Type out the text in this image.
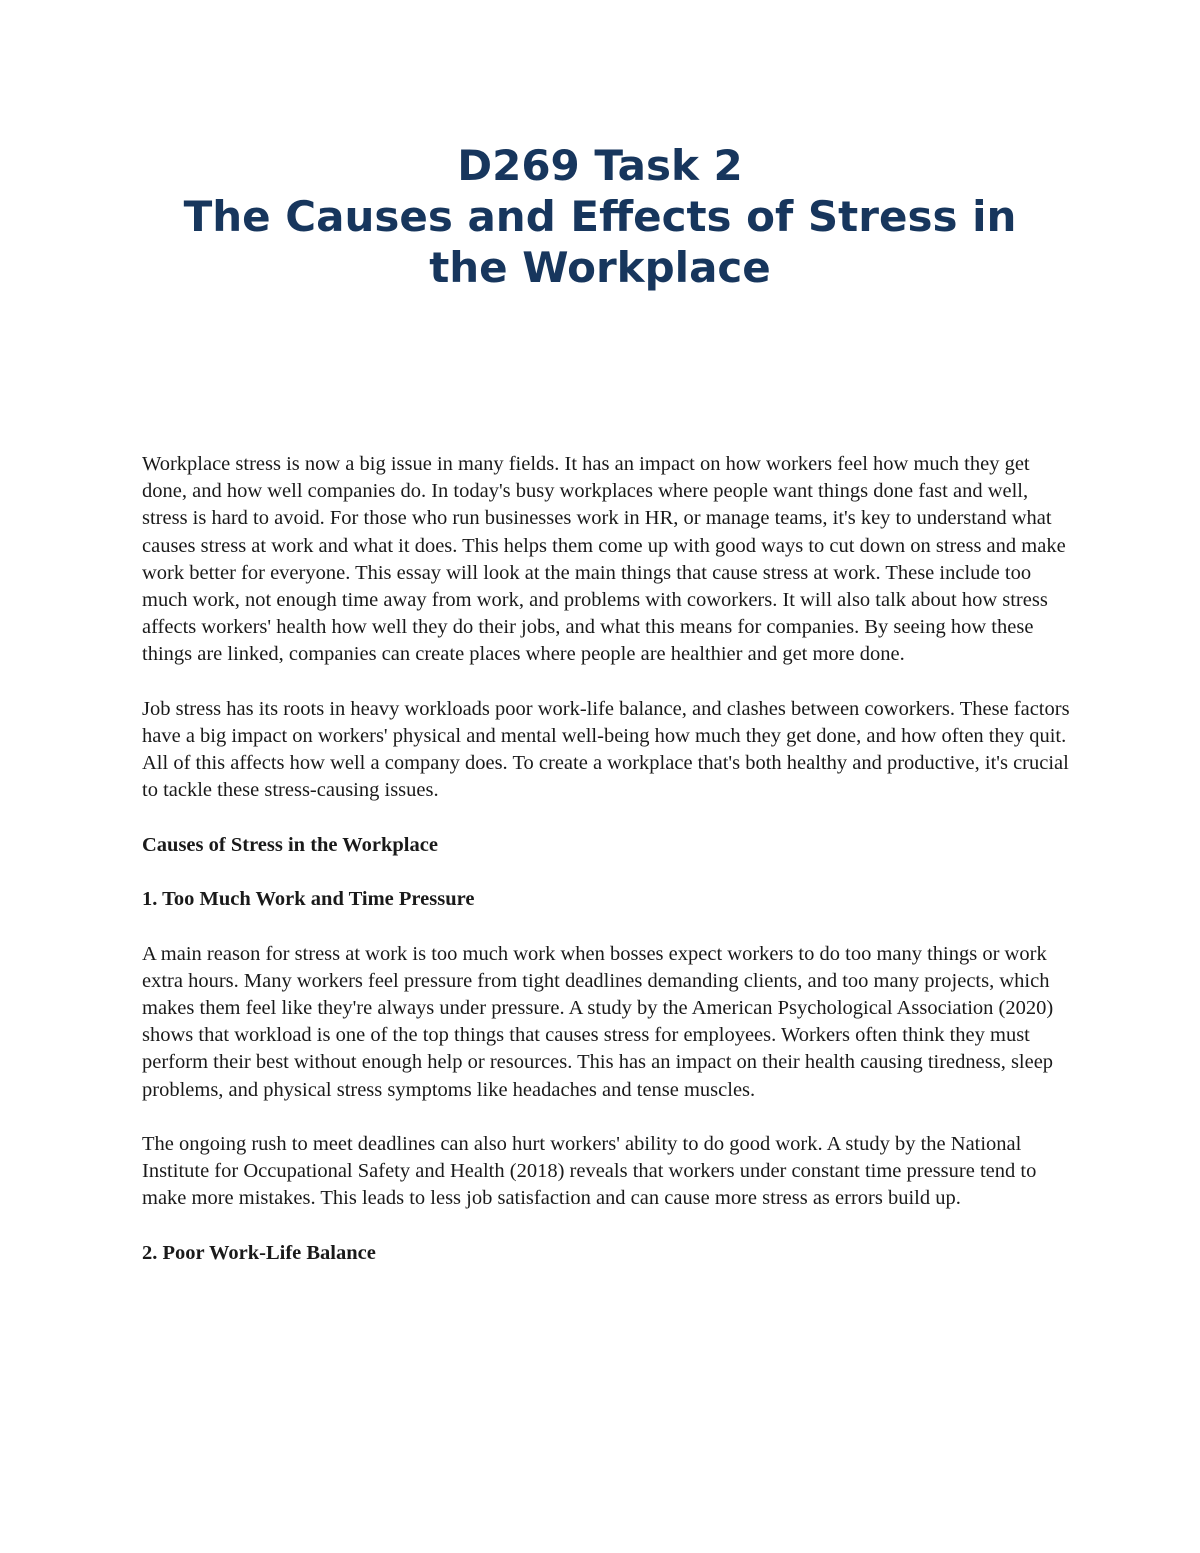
D269 Task 2
The Causes and Effects of Stress in
the Workplace

Workplace stress is now a big issue in many fields. It has an impact on how workers feel how much they get done, and how well companies do. In today's busy workplaces where people want things done fast and well, stress is hard to avoid. For those who run businesses work in HR, or manage teams, it's key to understand what causes stress at work and what it does. This helps them come up with good ways to cut down on stress and make work better for everyone. This essay will look at the main things that cause stress at work. These include too much work, not enough time away from work, and problems with coworkers. It will also talk about how stress affects workers' health how well they do their jobs, and what this means for companies. By seeing how these things are linked, companies can create places where people are healthier and get more done.

Job stress has its roots in heavy workloads poor work-life balance, and clashes between coworkers. These factors have a big impact on workers' physical and mental well-being how much they get done, and how often they quit. All of this affects how well a company does. To create a workplace that's both healthy and productive, it's crucial to tackle these stress-causing issues.

Causes of Stress in the Workplace
1. Too Much Work and Time Pressure

A main reason for stress at work is too much work when bosses expect workers to do too many things or work extra hours. Many workers feel pressure from tight deadlines demanding clients, and too many projects, which makes them feel like they're always under pressure. A study by the American Psychological Association (2020) shows that workload is one of the top things that causes stress for employees. Workers often think they must perform their best without enough help or resources. This has an impact on their health causing tiredness, sleep problems, and physical stress symptoms like headaches and tense muscles.

The ongoing rush to meet deadlines can also hurt workers' ability to do good work. A study by the National Institute for Occupational Safety and Health (2018) reveals that workers under constant time pressure tend to make more mistakes. This leads to less job satisfaction and can cause more stress as errors build up.

2. Poor Work-Life Balance
